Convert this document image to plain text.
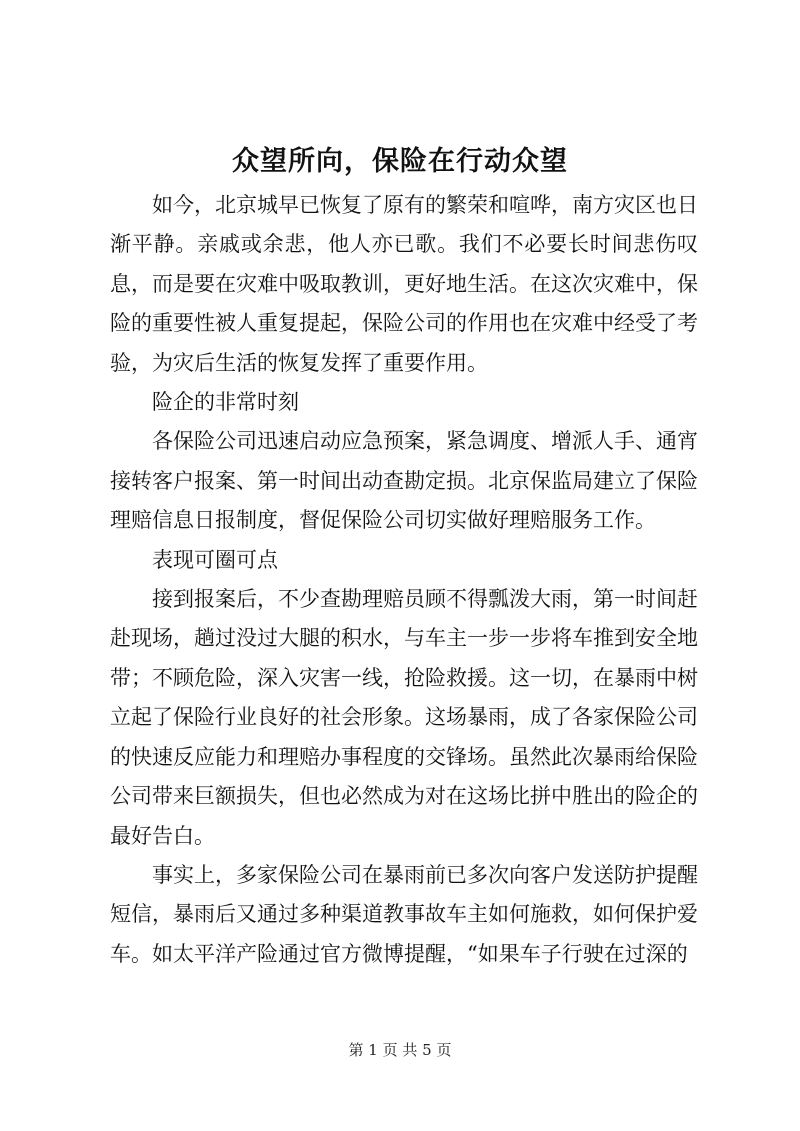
众望所向，保险在行动众望

如今，北京城早已恢复了原有的繁荣和喧哗，南方灾区也日渐平静。亲戚或余悲，他人亦已歌。我们不必要长时间悲伤叹息，而是要在灾难中吸取教训，更好地生活。在这次灾难中，保险的重要性被人重复提起，保险公司的作用也在灾难中经受了考验，为灾后生活的恢复发挥了重要作用。

险企的非常时刻

各保险公司迅速启动应急预案，紧急调度、增派人手、通宵接转客户报案、第一时间出动查勘定损。北京保监局建立了保险理赔信息日报制度，督促保险公司切实做好理赔服务工作。

表现可圈可点

接到报案后，不少查勘理赔员顾不得瓢泼大雨，第一时间赶赴现场，趟过没过大腿的积水，与车主一步一步将车推到安全地带；不顾危险，深入灾害一线，抢险救援。这一切，在暴雨中树立起了保险行业良好的社会形象。这场暴雨，成了各家保险公司的快速反应能力和理赔办事程度的交锋场。虽然此次暴雨给保险公司带来巨额损失，但也必然成为对在这场比拼中胜出的险企的最好告白。

事实上，多家保险公司在暴雨前已多次向客户发送防护提醒短信，暴雨后又通过多种渠道教事故车主如何施救，如何保护爱车。如太平洋产险通过官方微博提醒，“如果车子行驶在过深的

第 1 页 共 5 页
